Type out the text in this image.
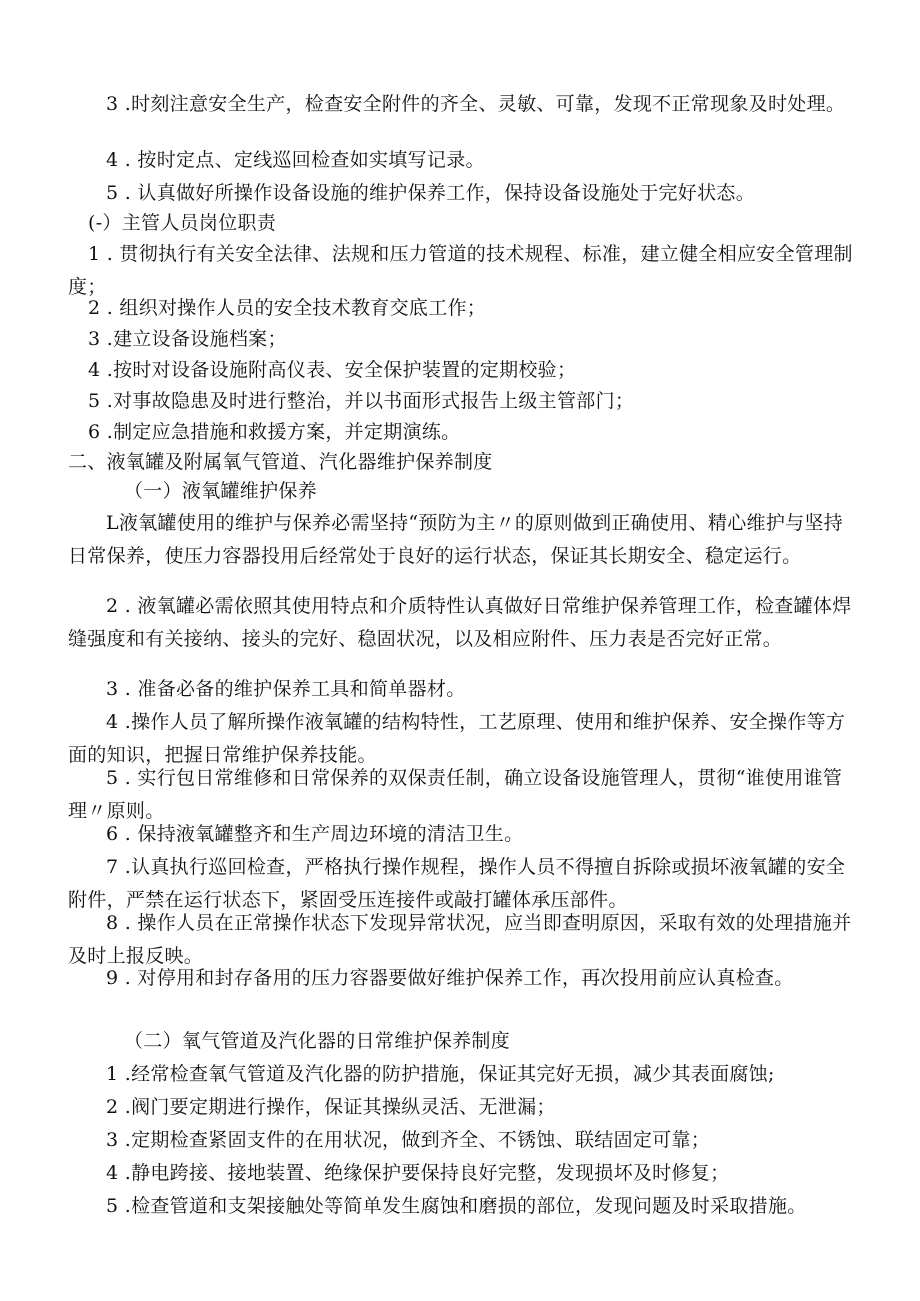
3 .时刻注意安全生产，检查安全附件的齐全、灵敏、可靠，发现不正常现象及时处理。

4 . 按时定点、定线巡回检查如实填写记录。

5 . 认真做好所操作设备设施的维护保养工作，保持设备设施处于完好状态。

(-）主管人员岗位职责

1 . 贯彻执行有关安全法律、法规和压力管道的技术规程、标准，建立健全相应安全管理制度；

2 . 组织对操作人员的安全技术教育交底工作；

3 .建立设备设施档案；

4 .按时对设备设施附高仪表、安全保护装置的定期校验；

5 .对事故隐患及时进行整治，并以书面形式报告上级主管部门；

6 .制定应急措施和救援方案，并定期演练。

二、液氧罐及附属氧气管道、汽化器维护保养制度

（一）液氧罐维护保养

L液氧罐使用的维护与保养必需坚持“预防为主〃的原则做到正确使用、精心维护与坚持日常保养，使压力容器投用后经常处于良好的运行状态，保证其长期安全、稳定运行。

2 . 液氧罐必需依照其使用特点和介质特性认真做好日常维护保养管理工作，检查罐体焊缝强度和有关接纳、接头的完好、稳固状况，以及相应附件、压力表是否完好正常。

3 . 准备必备的维护保养工具和简单器材。

4 .操作人员了解所操作液氧罐的结构特性，工艺原理、使用和维护保养、安全操作等方面的知识，把握日常维护保养技能。

5 . 实行包日常维修和日常保养的双保责任制，确立设备设施管理人，贯彻“谁使用谁管理〃原则。

6 . 保持液氧罐整齐和生产周边环境的清洁卫生。

7 .认真执行巡回检查，严格执行操作规程，操作人员不得擅自拆除或损坏液氧罐的安全附件，严禁在运行状态下，紧固受压连接件或敲打罐体承压部件。

8 . 操作人员在正常操作状态下发现异常状况，应当即查明原因，采取有效的处理措施并及时上报反映。

9 . 对停用和封存备用的压力容器要做好维护保养工作，再次投用前应认真检查。

（二）氧气管道及汽化器的日常维护保养制度

1 .经常检查氧气管道及汽化器的防护措施，保证其完好无损，减少其表面腐蚀;

2 .阀门要定期进行操作，保证其操纵灵活、无泄漏；

3 .定期检查紧固支件的在用状况，做到齐全、不锈蚀、联结固定可靠；

4 .静电跨接、接地装置、绝缘保护要保持良好完整，发现损坏及时修复；

5 .检查管道和支架接触处等简单发生腐蚀和磨损的部位，发现问题及时采取措施。
